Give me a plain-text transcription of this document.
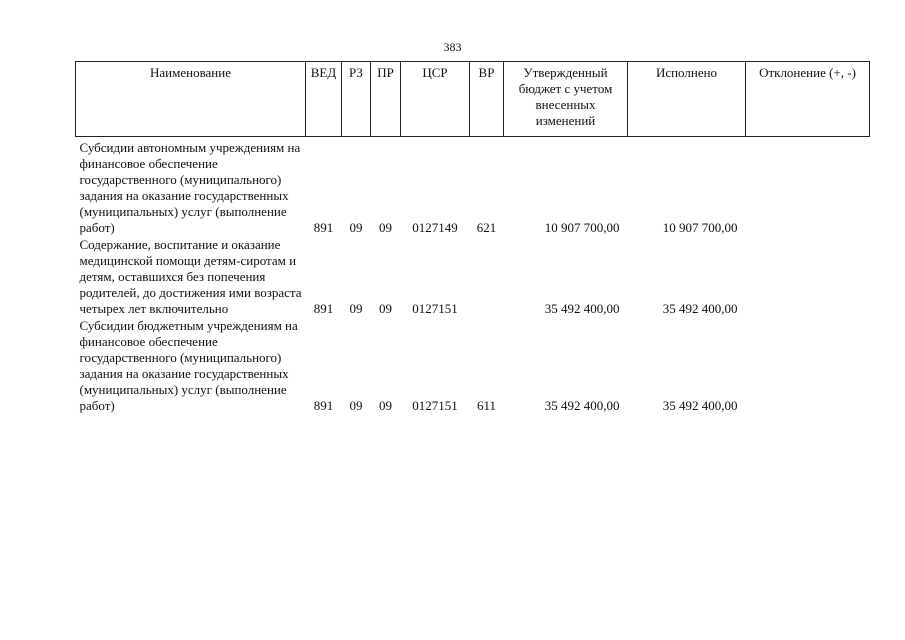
383
Наименование	ВЕД	РЗ	ПР	ЦСР	ВР	Утвержденный бюджет с учетом внесенных изменений	Исполнено	Отклонение (+, -)
Субсидии автономным учреждениям на финансовое обеспечение государственного (муниципального) задания на оказание государственных (муниципальных) услуг (выполнение работ)	891	09	09	0127149	621	10 907 700,00	10 907 700,00	
Содержание, воспитание и оказание медицинской помощи детям-сиротам и детям, оставшихся без попечения родителей, до достижения ими возраста четырех лет включительно	891	09	09	0127151		35 492 400,00	35 492 400,00	
Субсидии бюджетным учреждениям на финансовое обеспечение государственного (муниципального) задания на оказание государственных (муниципальных) услуг (выполнение работ)	891	09	09	0127151	611	35 492 400,00	35 492 400,00	
